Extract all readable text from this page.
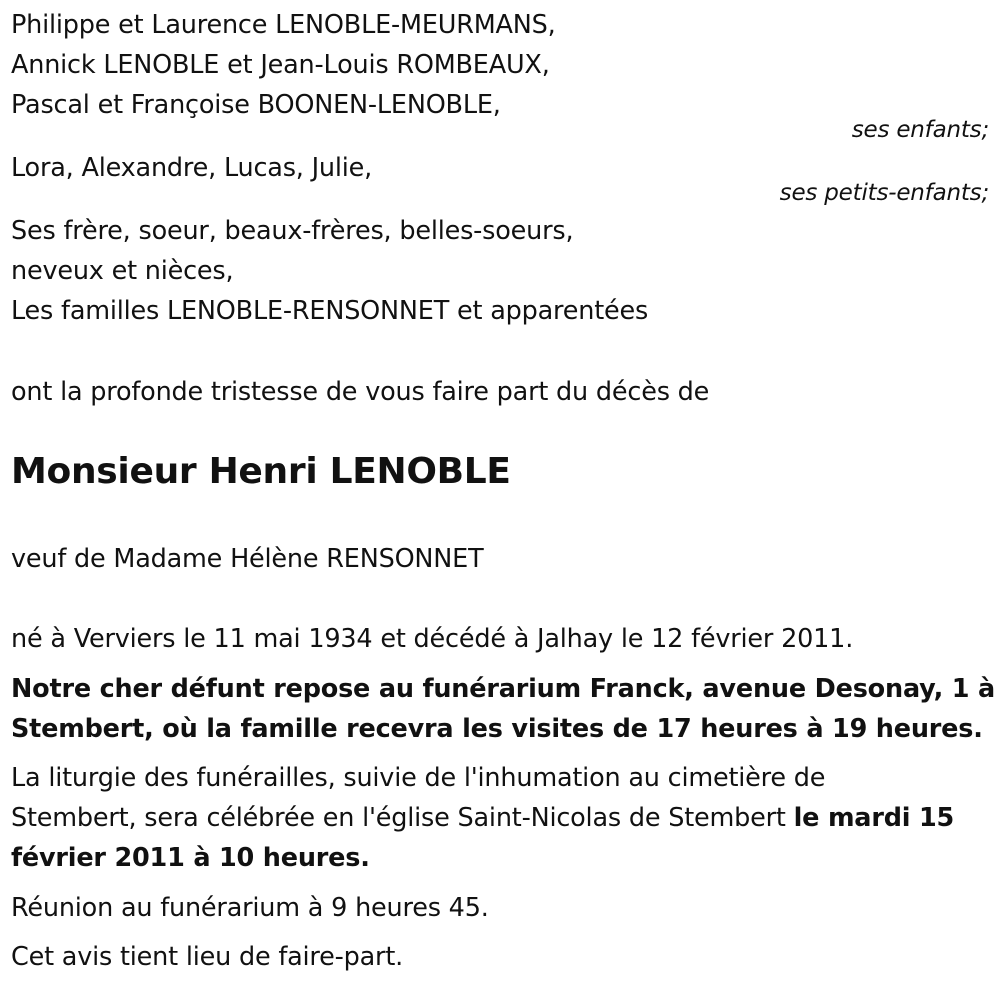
Philippe et Laurence LENOBLE-MEURMANS,
Annick LENOBLE et Jean-Louis ROMBEAUX,
Pascal et Françoise BOONEN-LENOBLE,
ses enfants;
Lora, Alexandre, Lucas, Julie,
ses petits-enfants;
Ses frère, soeur, beaux-frères, belles-soeurs,
neveux et nièces,
Les familles LENOBLE-RENSONNET et apparentées
ont la profonde tristesse de vous faire part du décès de
Monsieur Henri LENOBLE
veuf de Madame Hélène RENSONNET
né à Verviers le 11 mai 1934 et décédé à Jalhay le 12 février 2011.
Notre cher défunt repose au funérarium Franck, avenue Desonay, 1 à
Stembert, où la famille recevra les visites de 17 heures à 19 heures.
La liturgie des funérailles, suivie de l'inhumation au cimetière de
Stembert, sera célébrée en l'église Saint-Nicolas de Stembert le mardi 15
février 2011 à 10 heures.
Réunion au funérarium à 9 heures 45.
Cet avis tient lieu de faire-part.
